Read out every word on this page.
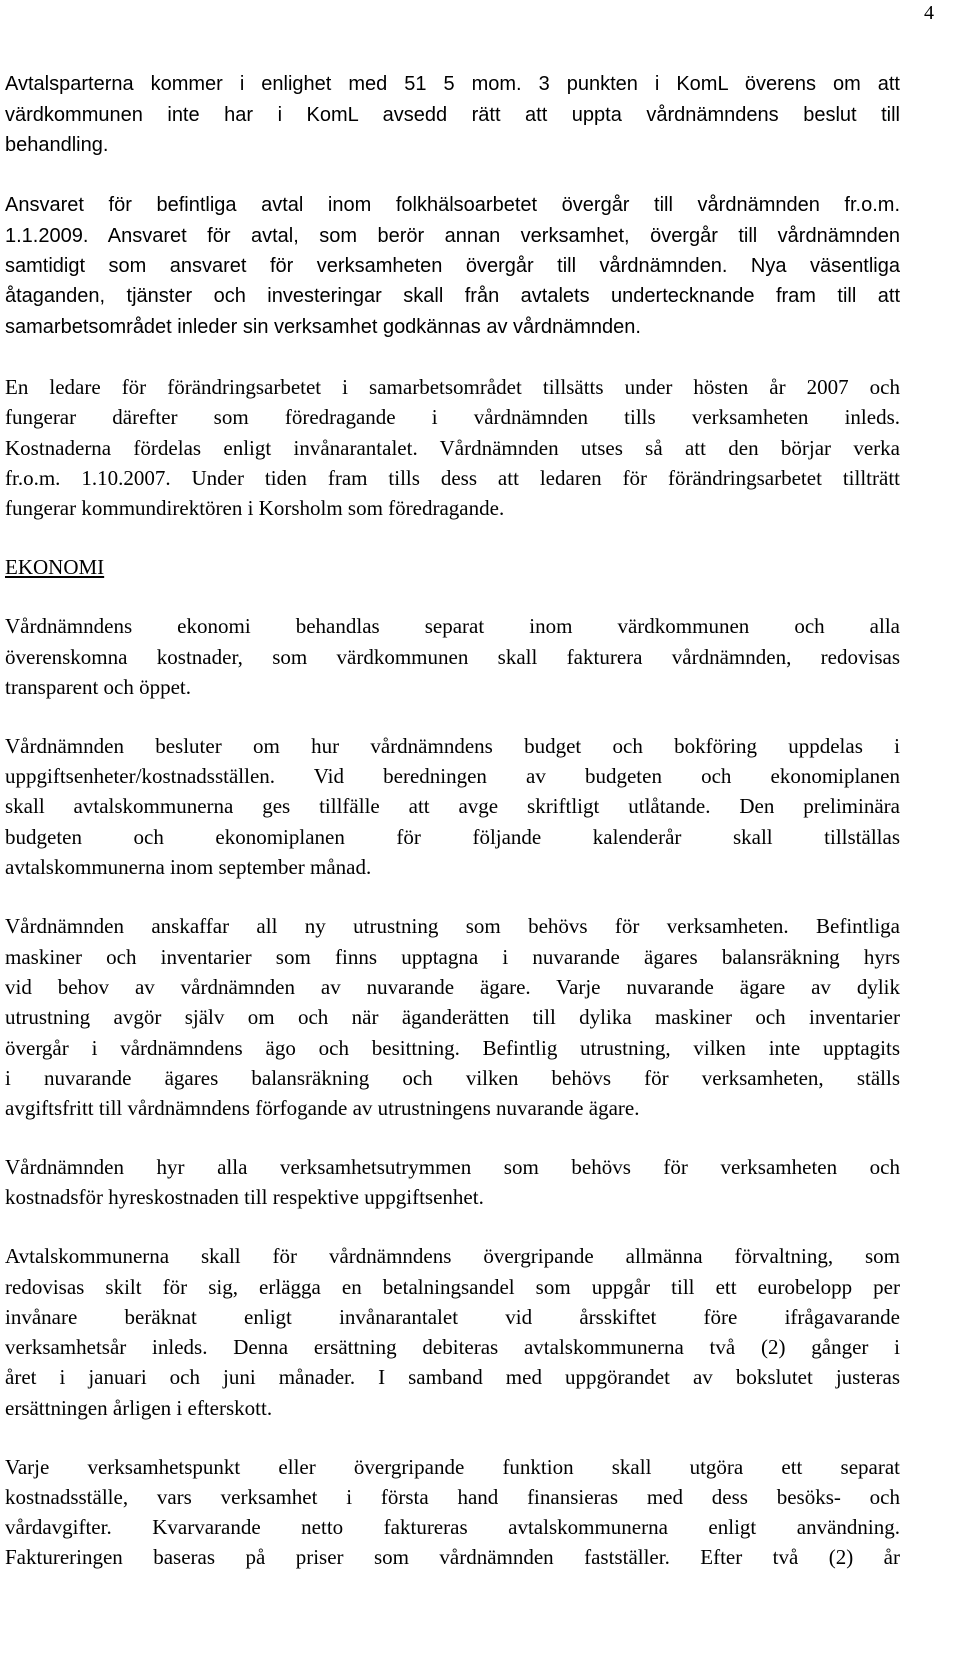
4
Avtalsparterna kommer i enlighet med 51 5 mom. 3 punkten i KomL överens om att
värdkommunen inte har i KomL avsedd rätt att uppta vårdnämndens beslut till
behandling.
Ansvaret för befintliga avtal inom folkhälsoarbetet övergår till vårdnämnden fr.o.m.
1.1.2009. Ansvaret för avtal, som berör annan verksamhet, övergår till vårdnämnden
samtidigt som ansvaret för verksamheten övergår till vårdnämnden. Nya väsentliga
åtaganden, tjänster och investeringar skall från avtalets undertecknande fram till att
samarbetsområdet inleder sin verksamhet godkännas av vårdnämnden.
En ledare för förändringsarbetet i samarbetsområdet tillsätts under hösten år 2007 och
fungerar därefter som föredragande i vårdnämnden tills verksamheten inleds.
Kostnaderna fördelas enligt invånarantalet. Vårdnämnden utses så att den börjar verka
fr.o.m. 1.10.2007. Under tiden fram tills dess att ledaren för förändringsarbetet tillträtt
fungerar kommundirektören i Korsholm som föredragande.
EKONOMI
Vårdnämndens ekonomi behandlas separat inom värdkommunen och alla
överenskomna kostnader, som värdkommunen skall fakturera vårdnämnden, redovisas
transparent och öppet.
Vårdnämnden besluter om hur vårdnämndens budget och bokföring uppdelas i
uppgiftsenheter/kostnadsställen. Vid beredningen av budgeten och ekonomiplanen
skall avtalskommunerna ges tillfälle att avge skriftligt utlåtande. Den preliminära
budgeten och ekonomiplanen för följande kalenderår skall tillställas
avtalskommunerna inom september månad.
Vårdnämnden anskaffar all ny utrustning som behövs för verksamheten. Befintliga
maskiner och inventarier som finns upptagna i nuvarande ägares balansräkning hyrs
vid behov av vårdnämnden av nuvarande ägare. Varje nuvarande ägare av dylik
utrustning avgör själv om och när äganderätten till dylika maskiner och inventarier
övergår i vårdnämndens ägo och besittning. Befintlig utrustning, vilken inte upptagits
i nuvarande ägares balansräkning och vilken behövs för verksamheten, ställs
avgiftsfritt till vårdnämndens förfogande av utrustningens nuvarande ägare.
Vårdnämnden hyr alla verksamhetsutrymmen som behövs för verksamheten och
kostnadsför hyreskostnaden till respektive uppgiftsenhet.
Avtalskommunerna skall för vårdnämndens övergripande allmänna förvaltning, som
redovisas skilt för sig, erlägga en betalningsandel som uppgår till ett eurobelopp per
invånare beräknat enligt invånarantalet vid årsskiftet före ifrågavarande
verksamhetsår inleds. Denna ersättning debiteras avtalskommunerna två (2) gånger i
året i januari och juni månader. I samband med uppgörandet av bokslutet justeras
ersättningen årligen i efterskott.
Varje verksamhetspunkt eller övergripande funktion skall utgöra ett separat
kostnadsställe, vars verksamhet i första hand finansieras med dess besöks- och
vårdavgifter. Kvarvarande netto faktureras avtalskommunerna enligt användning.
Faktureringen baseras på priser som vårdnämnden fastställer. Efter två (2) år
